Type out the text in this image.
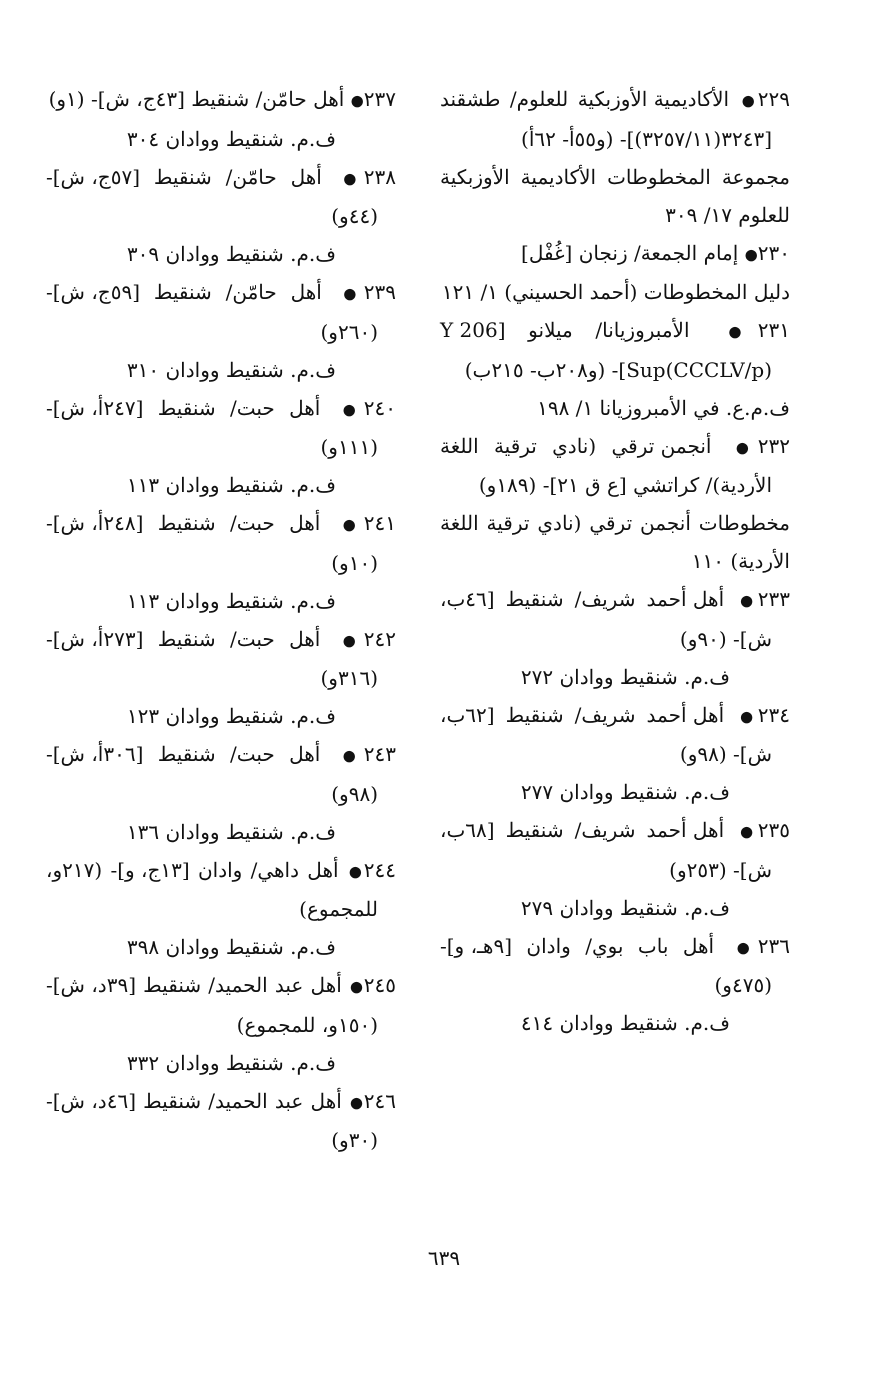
٢٢٩● الأكاديمية الأوزبكية للعلوم/ طشقند [٣٢٤٣(٣٢٥٧/١١)]- (و٥٥أ- ٦٢أ)
مجموعة المخطوطات الأكاديمية الأوزبكية للعلوم ١٧/ ٣٠٩
٢٣٠● إمام الجمعة/ زنجان [غُفْل]
دليل المخطوطات (أحمد الحسيني) ١/ ١٢١
٢٣١● الأمبروزيانا/ ميلانو [Y 206 Sup(CCCLV/p)]- (و٢٠٨ب- ٢١٥ب)
ف.م.ع. في الأمبروزيانا ١/ ١٩٨
٢٣٢● أنجمن ترقي (نادي ترقية اللغة الأردية)/ كراتشي [ع ق ٢١]- (١٨٩و)
مخطوطات أنجمن ترقي (نادي ترقية اللغة الأردية) ١١٠
٢٣٣● أهل أحمد شريف/ شنقيط [٤٦ب، ش]- (٩٠و)
ف.م. شنقيط ووادان ٢٧٢
٢٣٤● أهل أحمد شريف/ شنقيط [٦٢ب، ش]- (٩٨و)
ف.م. شنقيط ووادان ٢٧٧
٢٣٥● أهل أحمد شريف/ شنقيط [٦٨ب، ش]- (٢٥٣و)
ف.م. شنقيط ووادان ٢٧٩
٢٣٦● أهل باب بوي/ وادان [٩هـ، و]- (٤٧٥و)
ف.م. شنقيط ووادان ٤١٤
٢٣٧● أهل حامّن/ شنقيط [٤٣ج، ش]- (١و)
ف.م. شنقيط ووادان ٣٠٤
٢٣٨● أهل حامّن/ شنقيط [٥٧ج، ش]- (٤٤و)
ف.م. شنقيط ووادان ٣٠٩
٢٣٩● أهل حامّن/ شنقيط [٥٩ج، ش]- (٢٦٠و)
ف.م. شنقيط ووادان ٣١٠
٢٤٠● أهل حبت/ شنقيط [٢٤٧أ، ش]- (١١١و)
ف.م. شنقيط ووادان ١١٣
٢٤١● أهل حبت/ شنقيط [٢٤٨أ، ش]- (١٠و)
ف.م. شنقيط ووادان ١١٣
٢٤٢● أهل حبت/ شنقيط [٢٧٣أ، ش]- (٣١٦و)
ف.م. شنقيط ووادان ١٢٣
٢٤٣● أهل حبت/ شنقيط [٣٠٦أ، ش]- (٩٨و)
ف.م. شنقيط ووادان ١٣٦
٢٤٤● أهل داهي/ وادان [١٣ج، و]- (٢١٧و، للمجموع)
ف.م. شنقيط ووادان ٣٩٨
٢٤٥● أهل عبد الحميد/ شنقيط [٣٩د، ش]- (١٥٠و، للمجموع)
ف.م. شنقيط ووادان ٣٣٢
٢٤٦● أهل عبد الحميد/ شنقيط [٤٦د، ش]- (٣٠و)
٦٣٩
